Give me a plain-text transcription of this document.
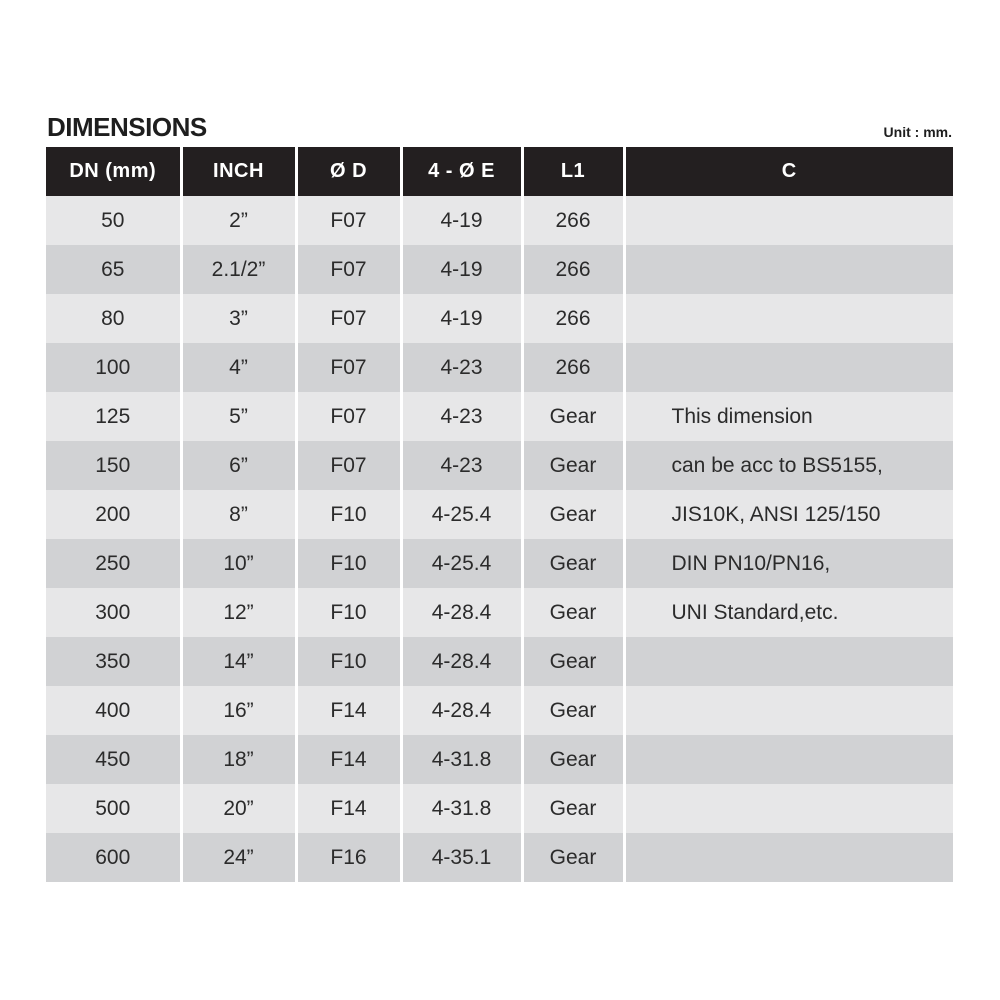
DIMENSIONS	Unit : mm.
DN (mm)	INCH	Ø D	4 - Ø E	L1	C
50	2”	F07	4-19	266	
65	2.1/2”	F07	4-19	266	
80	3”	F07	4-19	266	
100	4”	F07	4-23	266	
125	5”	F07	4-23	Gear	This dimension
150	6”	F07	4-23	Gear	can be acc to BS5155,
200	8”	F10	4-25.4	Gear	JIS10K, ANSI 125/150
250	10”	F10	4-25.4	Gear	DIN PN10/PN16,
300	12”	F10	4-28.4	Gear	UNI Standard,etc.
350	14”	F10	4-28.4	Gear	
400	16”	F14	4-28.4	Gear	
450	18”	F14	4-31.8	Gear	
500	20”	F14	4-31.8	Gear	
600	24”	F16	4-35.1	Gear	
